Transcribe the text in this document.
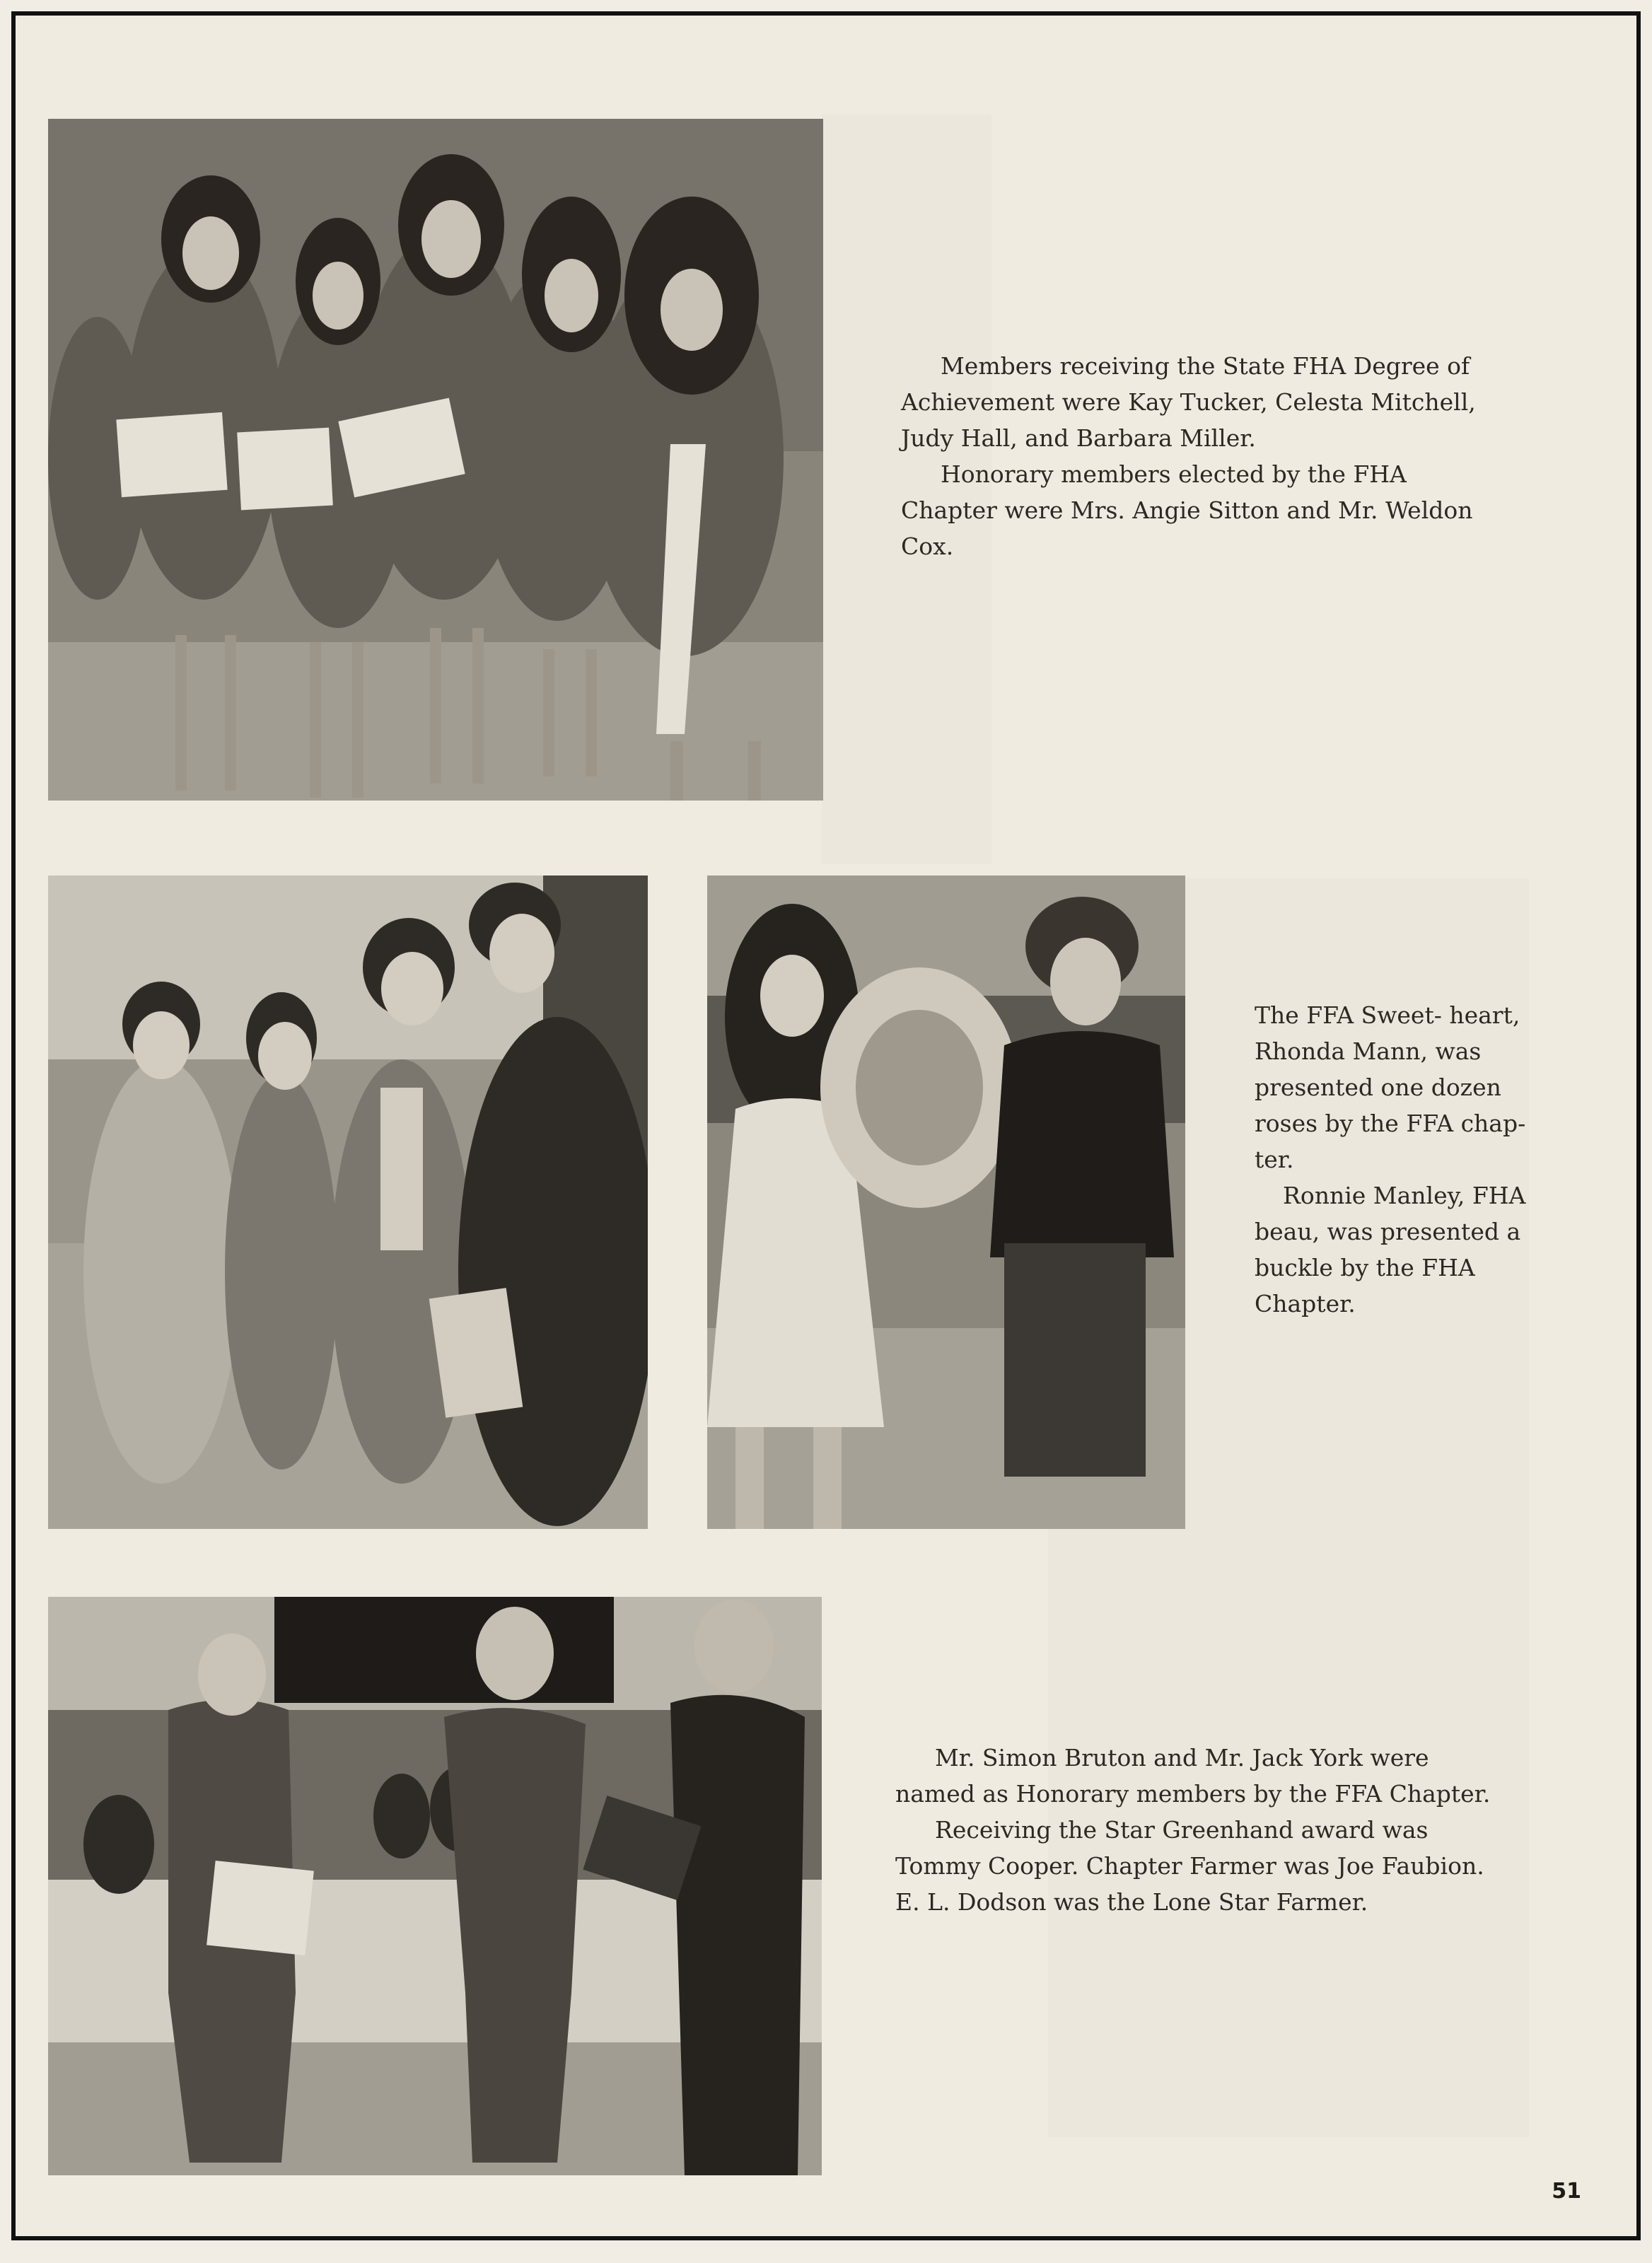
Members receiving the State FHA Degree of Achievement were Kay Tucker, Celesta Mitchell, Judy Hall, and Barbara Miller.

Honorary members elected by the FHA Chapter were Mrs. Angie Sitton and Mr. Weldon Cox.

The FFA Sweet- heart, Rhonda Mann, was presented one dozen roses by the FFA chap- ter.

Ronnie Manley, FHA beau, was presented a buckle by the FHA Chapter.

Mr. Simon Bruton and Mr. Jack York were named as Honorary members by the FFA Chapter.

Receiving the Star Greenhand award was Tommy Cooper. Chapter Farmer was Joe Faubion. E. L. Dodson was the Lone Star Farmer.

51
